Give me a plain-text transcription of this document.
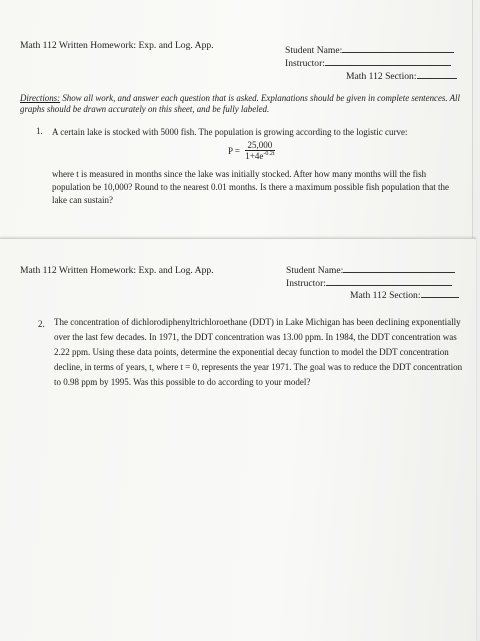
Math 112 Written Homework: Exp. and Log. App.	Student Name:
Instructor:
Math 112 Section:
Directions: Show all work, and answer each question that is asked. Explanations should be given in complete sentences. All graphs should be drawn accurately on this sheet, and be fully labeled.
1. A certain lake is stocked with 5000 fish. The population is growing according to the logistic curve:
$P = \frac{25,000}{1+4e^{-0.2t}}$
where t is measured in months since the lake was initially stocked. After how many months will the fish population be 10,000? Round to the nearest 0.01 months. Is there a maximum possible fish population that the lake can sustain?
Math 112 Written Homework: Exp. and Log. App.	Student Name:
Instructor:
Math 112 Section:
2. The concentration of dichlorodiphenyltrichloroethane (DDT) in Lake Michigan has been declining exponentially over the last few decades. In 1971, the DDT concentration was 13.00 ppm. In 1984, the DDT concentration was 2.22 ppm. Using these data points, determine the exponential decay function to model the DDT concentration decline, in terms of years, t, where t = 0, represents the year 1971. The goal was to reduce the DDT concentration to 0.98 ppm by 1995. Was this possible to do according to your model?
